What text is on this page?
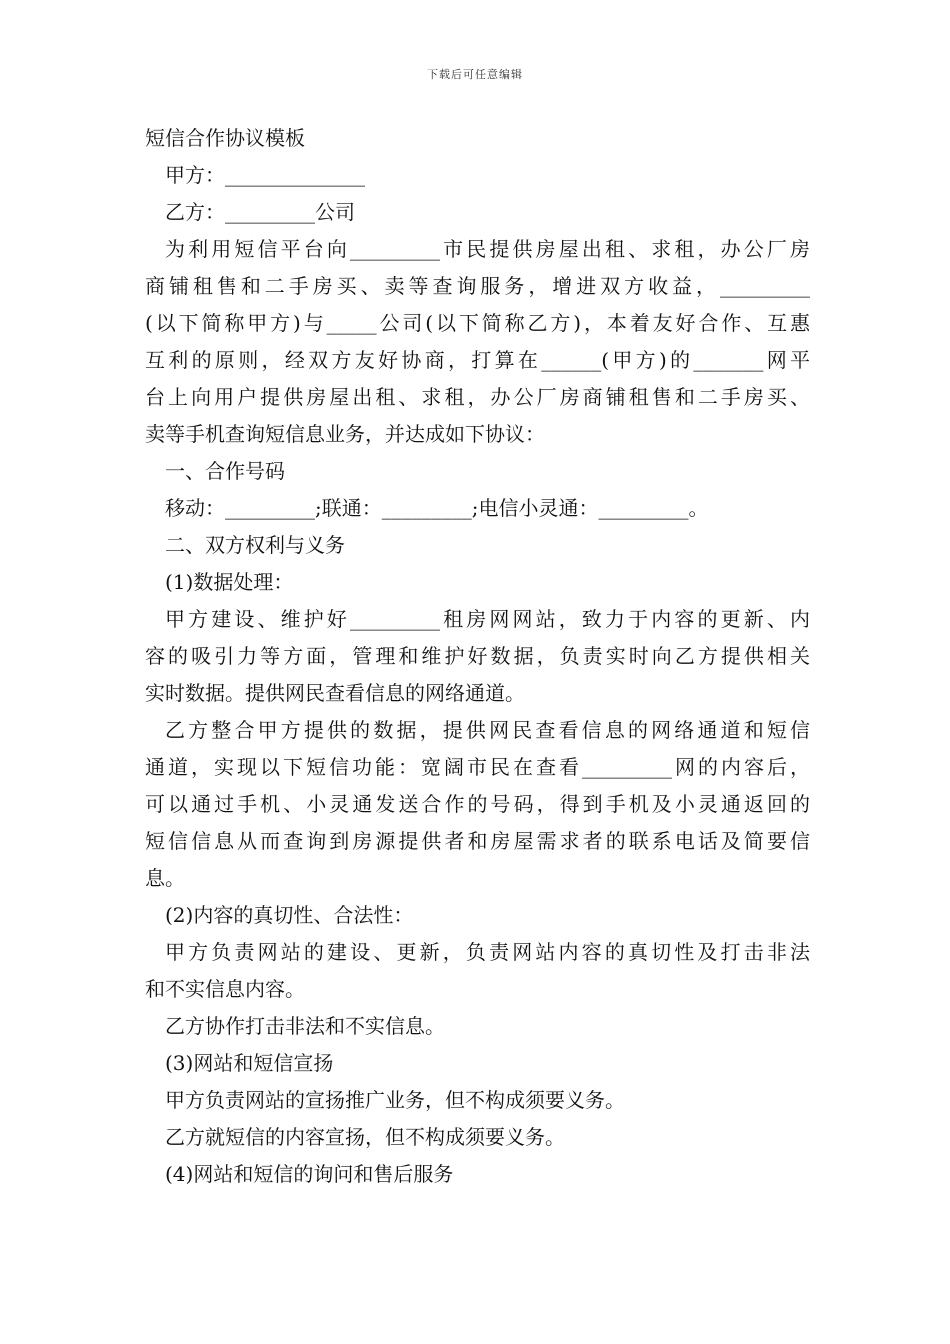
下载后可任意编辑
短信合作协议模板
甲方：______________
乙方：_________公司
为利用短信平台向_________市民提供房屋出租、求租，办公厂房
商铺租售和二手房买、卖等查询服务，增进双方收益，_________
(以下简称甲方)与_____公司(以下简称乙方)，本着友好合作、互惠
互利的原则，经双方友好协商，打算在______(甲方)的_______网平
台上向用户提供房屋出租、求租，办公厂房商铺租售和二手房买、
卖等手机查询短信息业务，并达成如下协议：
一、合作号码
移动：_________;联通：_________;电信小灵通：_________。
二、双方权利与义务
(1)数据处理：
甲方建设、维护好_________租房网网站，致力于内容的更新、内
容的吸引力等方面，管理和维护好数据，负责实时向乙方提供相关
实时数据。提供网民查看信息的网络通道。
乙方整合甲方提供的数据，提供网民查看信息的网络通道和短信
通道，实现以下短信功能：宽阔市民在查看_________网的内容后，
可以通过手机、小灵通发送合作的号码，得到手机及小灵通返回的
短信信息从而查询到房源提供者和房屋需求者的联系电话及简要信
息。
(2)内容的真切性、合法性：
甲方负责网站的建设、更新，负责网站内容的真切性及打击非法
和不实信息内容。
乙方协作打击非法和不实信息。
(3)网站和短信宣扬
甲方负责网站的宣扬推广业务，但不构成须要义务。
乙方就短信的内容宣扬，但不构成须要义务。
(4)网站和短信的询问和售后服务
